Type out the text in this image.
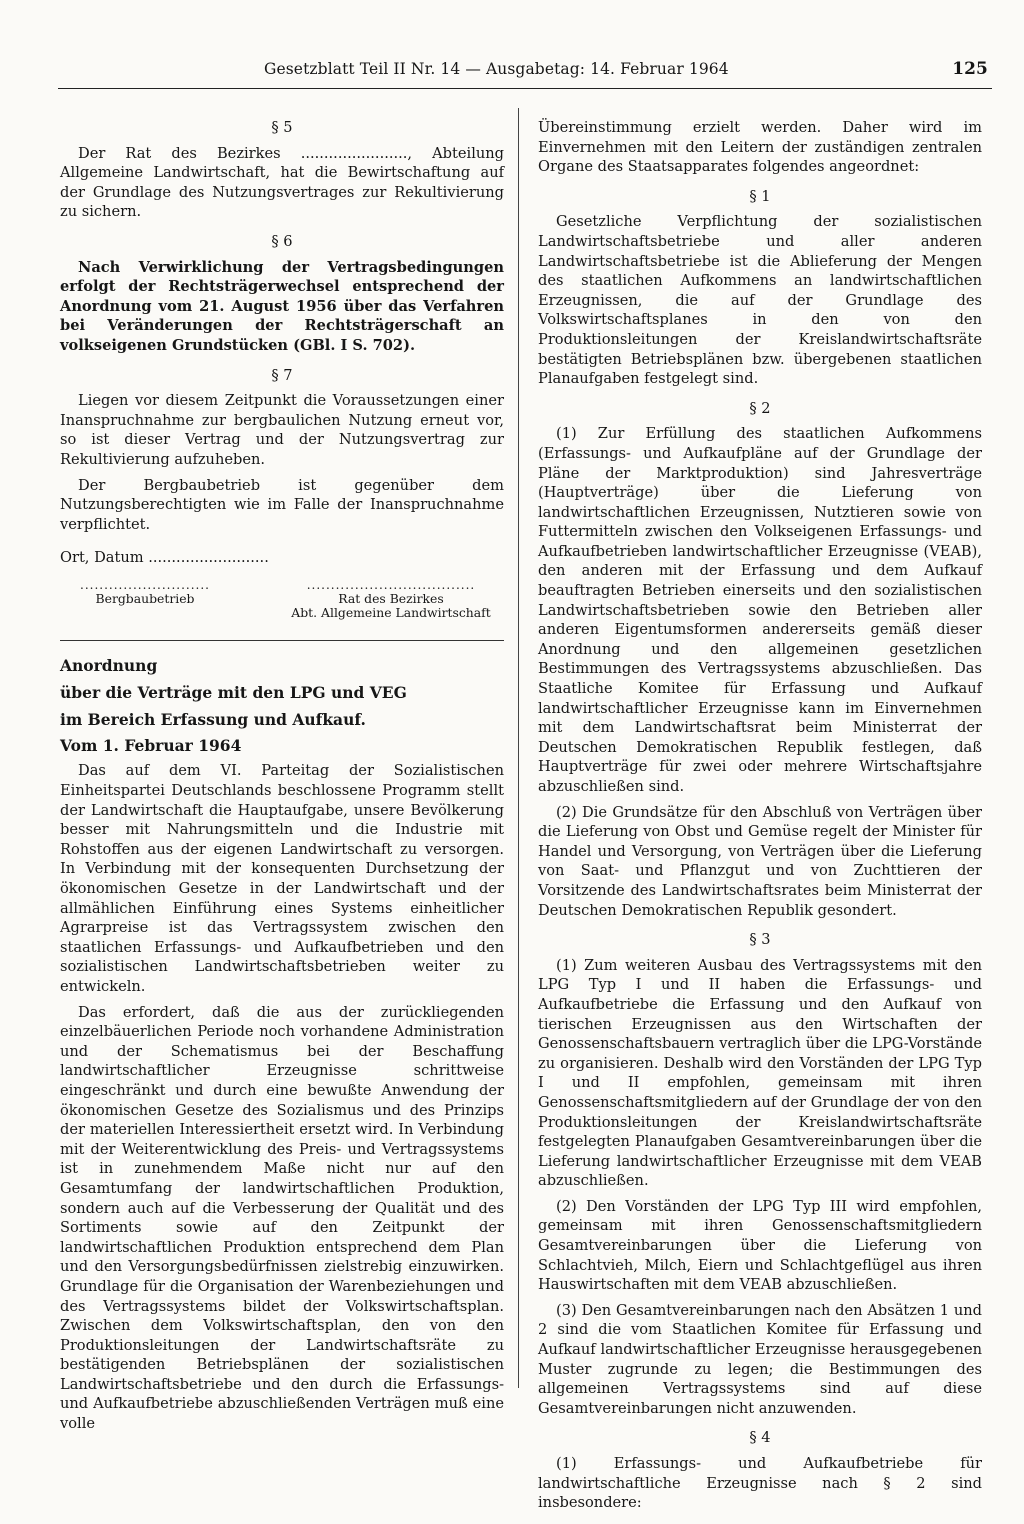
Gesetzblatt Teil II Nr. 14 — Ausgabetag: 14. Februar 1964	125
§ 5

Der Rat des Bezirkes ......................., Abteilung Allgemeine Landwirtschaft, hat die Bewirtschaftung auf der Grundlage des Nutzungsvertrages zur Rekultivierung zu sichern.

§ 6

Nach Verwirklichung der Vertragsbedingungen erfolgt der Rechtsträgerwechsel entsprechend der Anordnung vom 21. August 1956 über das Verfahren bei Veränderungen der Rechtsträgerschaft an volkseigenen Grundstücken (GBl. I S. 702).

§ 7

Liegen vor diesem Zeitpunkt die Voraussetzungen einer Inanspruchnahme zur bergbaulichen Nutzung erneut vor, so ist dieser Vertrag und der Nutzungsvertrag zur Rekultivierung aufzuheben.

Der Bergbaubetrieb ist gegenüber dem Nutzungsberechtigten wie im Falle der Inanspruchnahme verpflichtet.

Ort, Datum ..........................
...........................
Bergbaubetrieb
...................................
Rat des Bezirkes
Abt. Allgemeine Landwirtschaft

Anordnung

über die Verträge mit den LPG und VEG

im Bereich Erfassung und Aufkauf.

Vom 1. Februar 1964

Das auf dem VI. Parteitag der Sozialistischen Einheitspartei Deutschlands beschlossene Programm stellt der Landwirtschaft die Hauptaufgabe, unsere Bevölkerung besser mit Nahrungsmitteln und die Industrie mit Rohstoffen aus der eigenen Landwirtschaft zu versorgen. In Verbindung mit der konsequenten Durchsetzung der ökonomischen Gesetze in der Landwirtschaft und der allmählichen Einführung eines Systems einheitlicher Agrarpreise ist das Vertragssystem zwischen den staatlichen Erfassungs- und Aufkaufbetrieben und den sozialistischen Landwirtschaftsbetrieben weiter zu entwickeln.

Das erfordert, daß die aus der zurückliegenden einzelbäuerlichen Periode noch vorhandene Administration und der Schematismus bei der Beschaffung landwirtschaftlicher Erzeugnisse schrittweise eingeschränkt und durch eine bewußte Anwendung der ökonomischen Gesetze des Sozialismus und des Prinzips der materiellen Interessiertheit ersetzt wird. In Verbindung mit der Weiterentwicklung des Preis- und Vertragssystems ist in zunehmendem Maße nicht nur auf den Gesamtumfang der landwirtschaftlichen Produktion, sondern auch auf die Verbesserung der Qualität und des Sortiments sowie auf den Zeitpunkt der landwirtschaftlichen Produktion entsprechend dem Plan und den Versorgungsbedürfnissen zielstrebig einzuwirken. Grundlage für die Organisation der Warenbeziehungen und des Vertragssystems bildet der Volkswirtschaftsplan. Zwischen dem Volkswirtschaftsplan, den von den Produktionsleitungen der Landwirtschaftsräte zu bestätigenden Betriebsplänen der sozialistischen Landwirtschaftsbetriebe und den durch die Erfassungs- und Aufkaufbetriebe abzuschließenden Verträgen muß eine volle

Übereinstimmung erzielt werden. Daher wird im Einvernehmen mit den Leitern der zuständigen zentralen Organe des Staatsapparates folgendes angeordnet:

§ 1

Gesetzliche Verpflichtung der sozialistischen Landwirtschaftsbetriebe und aller anderen Landwirtschaftsbetriebe ist die Ablieferung der Mengen des staatlichen Aufkommens an landwirtschaftlichen Erzeugnissen, die auf der Grundlage des Volkswirtschaftsplanes in den von den Produktionsleitungen der Kreislandwirtschaftsräte bestätigten Betriebsplänen bzw. übergebenen staatlichen Planaufgaben festgelegt sind.

§ 2

(1) Zur Erfüllung des staatlichen Aufkommens (Erfassungs- und Aufkaufpläne auf der Grundlage der Pläne der Marktproduktion) sind Jahresverträge (Hauptverträge) über die Lieferung von landwirtschaftlichen Erzeugnissen, Nutztieren sowie von Futtermitteln zwischen den Volkseigenen Erfassungs- und Aufkaufbetrieben landwirtschaftlicher Erzeugnisse (VEAB), den anderen mit der Erfassung und dem Aufkauf beauftragten Betrieben einerseits und den sozialistischen Landwirtschaftsbetrieben sowie den Betrieben aller anderen Eigentumsformen andererseits gemäß dieser Anordnung und den allgemeinen gesetzlichen Bestimmungen des Vertragssystems abzuschließen. Das Staatliche Komitee für Erfassung und Aufkauf landwirtschaftlicher Erzeugnisse kann im Einvernehmen mit dem Landwirtschaftsrat beim Ministerrat der Deutschen Demokratischen Republik festlegen, daß Hauptverträge für zwei oder mehrere Wirtschaftsjahre abzuschließen sind.

(2) Die Grundsätze für den Abschluß von Verträgen über die Lieferung von Obst und Gemüse regelt der Minister für Handel und Versorgung, von Verträgen über die Lieferung von Saat- und Pflanzgut und von Zuchttieren der Vorsitzende des Landwirtschaftsrates beim Ministerrat der Deutschen Demokratischen Republik gesondert.

§ 3

(1) Zum weiteren Ausbau des Vertragssystems mit den LPG Typ I und II haben die Erfassungs- und Aufkaufbetriebe die Erfassung und den Aufkauf von tierischen Erzeugnissen aus den Wirtschaften der Genossenschaftsbauern vertraglich über die LPG-Vorstände zu organisieren. Deshalb wird den Vorständen der LPG Typ I und II empfohlen, gemeinsam mit ihren Genossenschaftsmitgliedern auf der Grundlage der von den Produktionsleitungen der Kreislandwirtschaftsräte festgelegten Planaufgaben Gesamtvereinbarungen über die Lieferung landwirtschaftlicher Erzeugnisse mit dem VEAB abzuschließen.

(2) Den Vorständen der LPG Typ III wird empfohlen, gemeinsam mit ihren Genossenschaftsmitgliedern Gesamtvereinbarungen über die Lieferung von Schlachtvieh, Milch, Eiern und Schlachtgeflügel aus ihren Hauswirtschaften mit dem VEAB abzuschließen.

(3) Den Gesamtvereinbarungen nach den Absätzen 1 und 2 sind die vom Staatlichen Komitee für Erfassung und Aufkauf landwirtschaftlicher Erzeugnisse herausgegebenen Muster zugrunde zu legen; die Bestimmungen des allgemeinen Vertragssystems sind auf diese Gesamtvereinbarungen nicht anzuwenden.

§ 4

(1) Erfassungs- und Aufkaufbetriebe für landwirtschaftliche Erzeugnisse nach § 2 sind insbesondere:
